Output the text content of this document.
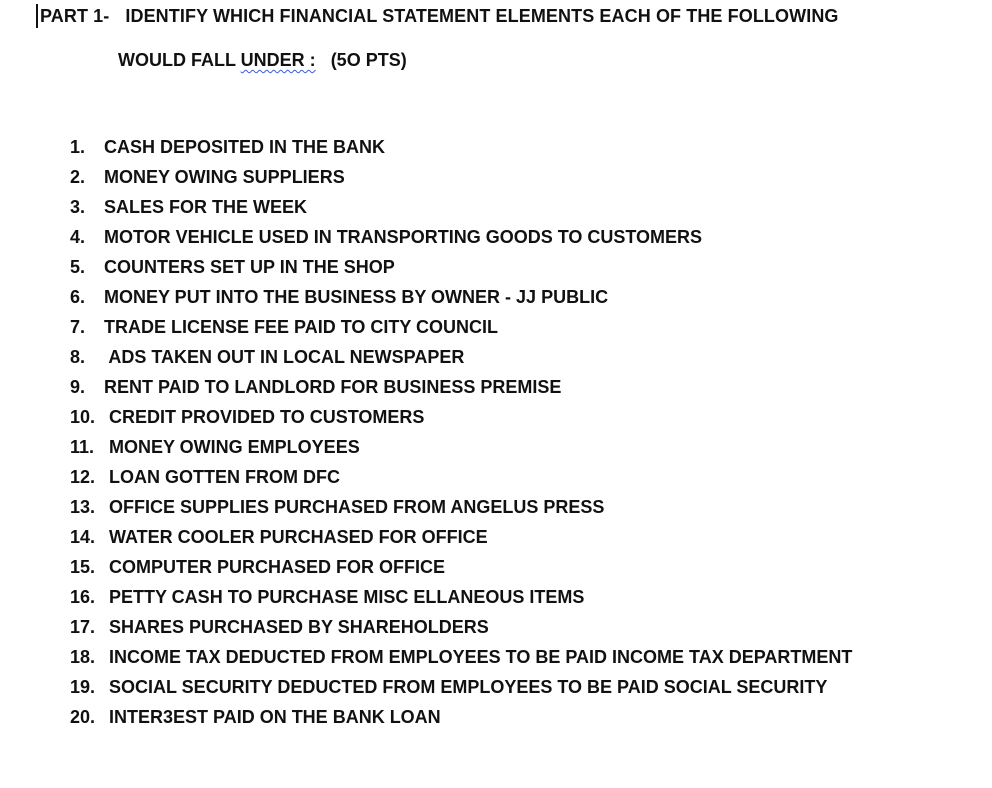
PART 1- IDENTIFY WHICH FINANCIAL STATEMENT ELEMENTS EACH OF THE FOLLOWING
WOULD FALL UNDER : (5O PTS)
1.	CASH DEPOSITED IN THE BANK
2.	MONEY OWING SUPPLIERS
3.	SALES FOR THE WEEK
4.	MOTOR VEHICLE USED IN TRANSPORTING GOODS TO CUSTOMERS
5.	COUNTERS SET UP IN THE SHOP
6.	MONEY PUT INTO THE BUSINESS BY OWNER - JJ PUBLIC
7.	TRADE LICENSE FEE PAID TO CITY COUNCIL
8.	ADS TAKEN OUT IN LOCAL NEWSPAPER
9.	RENT PAID TO LANDLORD FOR BUSINESS PREMISE
10. CREDIT PROVIDED TO CUSTOMERS
11. MONEY OWING EMPLOYEES
12. LOAN GOTTEN FROM DFC
13. OFFICE SUPPLIES PURCHASED FROM ANGELUS PRESS
14. WATER COOLER PURCHASED FOR OFFICE
15. COMPUTER PURCHASED FOR OFFICE
16. PETTY CASH TO PURCHASE MISC ELLANEOUS ITEMS
17. SHARES PURCHASED BY SHAREHOLDERS
18. INCOME TAX DEDUCTED FROM EMPLOYEES TO BE PAID INCOME TAX DEPARTMENT
19. SOCIAL SECURITY DEDUCTED FROM EMPLOYEES TO BE PAID SOCIAL SECURITY
20. INTER3EST PAID ON THE BANK LOAN
